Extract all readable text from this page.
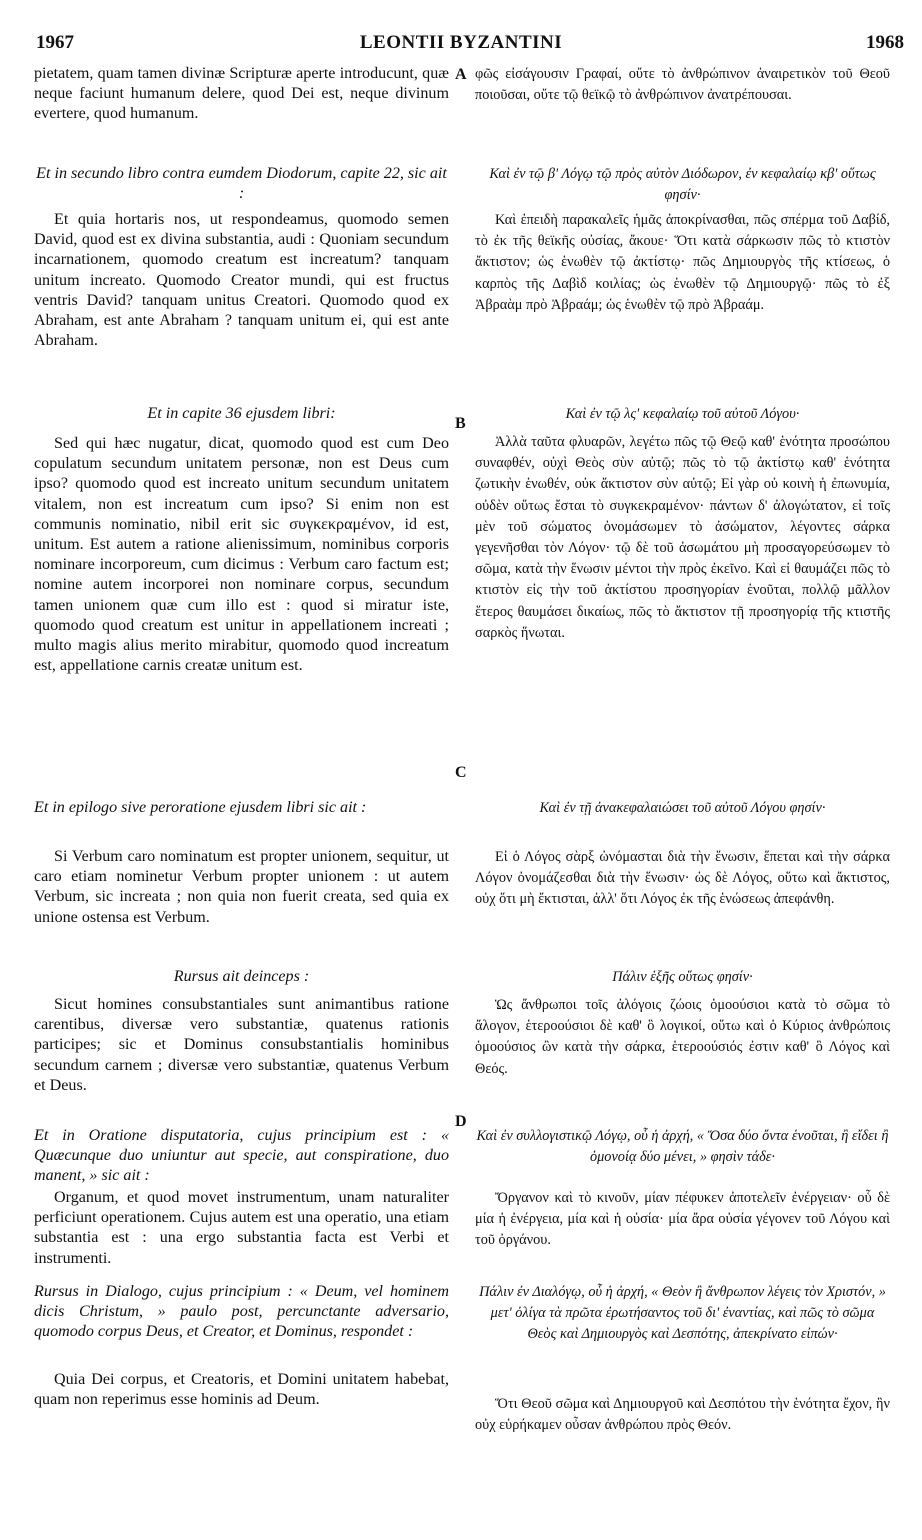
1967	LEONTII BYZANTINI	1968
A
B
C
D

pietatem, quam tamen divinæ Scripturæ aperte introducunt, quæ neque faciunt humanum delere, quod Dei est, neque divinum evertere, quod humanum.

Et in secundo libro contra eumdem Diodorum, capite 22, sic ait :

Et quia hortaris nos, ut respondeamus, quomodo semen David, quod est ex divina substantia, audi : Quoniam secundum incarnationem, quomodo creatum est increatum? tanquam unitum increato. Quomodo Creator mundi, qui est fructus ventris David? tanquam unitus Creatori. Quomodo quod ex Abraham, est ante Abraham ? tanquam unitum ei, qui est ante Abraham.

Et in capite 36 ejusdem libri:

Sed qui hæc nugatur, dicat, quomodo quod est cum Deo copulatum secundum unitatem personæ, non est Deus cum ipso? quomodo quod est increato unitum secundum unitatem vitalem, non est increatum cum ipso? Si enim non est communis nominatio, nibil erit sic συγκεκραμένον, id est, unitum. Est autem a ratione alienissimum, nominibus corporis nominare incorporeum, cum dicimus : Verbum caro factum est; nomine autem incorporei non nominare corpus, secundum tamen unionem quæ cum illo est : quod si miratur iste, quomodo quod creatum est unitur in appellationem increati ; multo magis alius merito mirabitur, quomodo quod increatum est, appellatione carnis creatæ unitum est.

Et in epilogo sive peroratione ejusdem libri sic ait :

Si Verbum caro nominatum est propter unionem, sequitur, ut caro etiam nominetur Verbum propter unionem : ut autem Verbum, sic increata ; non quia non fuerit creata, sed quia ex unione ostensa est Verbum.

Rursus ait deinceps :

Sicut homines consubstantiales sunt animantibus ratione carentibus, diversæ vero substantiæ, quatenus rationis participes; sic et Dominus consubstantialis hominibus secundum carnem ; diversæ vero substantiæ, quatenus Verbum et Deus.

Et in Oratione disputatoria, cujus principium est : « Quæcunque duo uniuntur aut specie, aut conspiratione, duo manent, » sic ait :

Organum, et quod movet instrumentum, unam naturaliter perficiunt operationem. Cujus autem est una operatio, una etiam substantia est : una ergo substantia facta est Verbi et instrumenti.

Rursus in Dialogo, cujus principium : « Deum, vel hominem dicis Christum, » paulo post, percunctante adversario, quomodo corpus Deus, et Creator, et Dominus, respondet :

Quia Dei corpus, et Creatoris, et Domini unitatem habebat, quam non reperimus esse hominis ad Deum.

φῶς εἰσάγουσιν Γραφαί, οὔτε τὸ ἀνθρώπινον ἀναιρετικὸν τοῦ Θεοῦ ποιοῦσαι, οὔτε τῷ θεϊκῷ τὸ ἀνθρώπινον ἀνατρέπουσαι.

Καὶ ἐν τῷ β' Λόγῳ τῷ πρὸς αὐτὸν Διόδωρον, ἐν κεφαλαίῳ κβ' οὕτως φησίν·

Καὶ ἐπειδὴ παρακαλεῖς ἡμᾶς ἀποκρίνασθαι, πῶς σπέρμα τοῦ Δαβίδ, τὸ ἐκ τῆς θεϊκῆς οὐσίας, ἄκουε· Ὅτι κατὰ σάρκωσιν πῶς τὸ κτιστὸν ἄκτιστον; ὡς ἑνωθὲν τῷ ἀκτίστῳ· πῶς Δημιουργὸς τῆς κτίσεως, ὁ καρπὸς τῆς Δαβὶδ κοιλίας; ὡς ἑνωθὲν τῷ Δημιουργῷ· πῶς τὸ ἐξ Ἀβραὰμ πρὸ Ἀβραάμ; ὡς ἑνωθὲν τῷ πρὸ Ἀβραάμ.

Καὶ ἐν τῷ λς' κεφαλαίῳ τοῦ αὐτοῦ Λόγου·

Ἀλλὰ ταῦτα φλυαρῶν, λεγέτω πῶς τῷ Θεῷ καθ' ἑνότητα προσώπου συναφθέν, οὐχὶ Θεὸς σὺν αὐτῷ; πῶς τὸ τῷ ἀκτίστῳ καθ' ἑνότητα ζωτικὴν ἑνωθέν, οὐκ ἄκτιστον σὺν αὐτῷ; Εἰ γὰρ οὐ κοινὴ ἡ ἐπωνυμία, οὐδὲν οὕτως ἔσται τὸ συγκεκραμένον· πάντων δ' ἀλογώτατον, εἰ τοῖς μὲν τοῦ σώματος ὀνομάσωμεν τὸ ἀσώματον, λέγοντες σάρκα γεγενῆσθαι τὸν Λόγον· τῷ δὲ τοῦ ἀσωμάτου μὴ προσαγορεύσωμεν τὸ σῶμα, κατὰ τὴν ἕνωσιν μέντοι τὴν πρὸς ἐκεῖνο. Καὶ εἰ θαυμάζει πῶς τὸ κτιστὸν εἰς τὴν τοῦ ἀκτίστου προσηγορίαν ἑνοῦται, πολλῷ μᾶλλον ἕτερος θαυμάσει δικαίως, πῶς τὸ ἄκτιστον τῇ προσηγορίᾳ τῆς κτιστῆς σαρκὸς ἥνωται.

Καὶ ἐν τῇ ἀνακεφαλαιώσει τοῦ αὐτοῦ Λόγου φησίν·

Εἰ ὁ Λόγος σὰρξ ὠνόμασται διὰ τὴν ἕνωσιν, ἕπεται καὶ τὴν σάρκα Λόγον ὀνομάζεσθαι διὰ τὴν ἕνωσιν· ὡς δὲ Λόγος, οὕτω καὶ ἄκτιστος, οὐχ ὅτι μὴ ἔκτισται, ἀλλ' ὅτι Λόγος ἐκ τῆς ἑνώσεως ἀπεφάνθη.

Πάλιν ἑξῆς οὕτως φησίν·

Ὡς ἄνθρωποι τοῖς ἀλόγοις ζώοις ὁμοούσιοι κατὰ τὸ σῶμα τὸ ἄλογον, ἑτεροούσιοι δὲ καθ' ὃ λογικοί, οὕτω καὶ ὁ Κύριος ἀνθρώποις ὁμοούσιος ὢν κατὰ τὴν σάρκα, ἑτεροούσιός ἐστιν καθ' ὃ Λόγος καὶ Θεός.

Καὶ ἐν συλλογιστικῷ Λόγῳ, οὗ ἡ ἀρχή, « Ὅσα δύο ὄντα ἑνοῦται, ἢ εἴδει ἢ ὁμονοίᾳ δύο μένει, » φησὶν τάδε·

Ὄργανον καὶ τὸ κινοῦν, μίαν πέφυκεν ἀποτελεῖν ἐνέργειαν· οὗ δὲ μία ἡ ἐνέργεια, μία καὶ ἡ οὐσία· μία ἄρα οὐσία γέγονεν τοῦ Λόγου καὶ τοῦ ὀργάνου.

Πάλιν ἐν Διαλόγῳ, οὗ ἡ ἀρχή, « Θεὸν ἢ ἄνθρωπον λέγεις τὸν Χριστόν, » μετ' ὀλίγα τὰ πρῶτα ἐρωτήσαντος τοῦ δι' ἐναντίας, καὶ πῶς τὸ σῶμα Θεὸς καὶ Δημιουργὸς καὶ Δεσπότης, ἀπεκρίνατο εἰπών·

Ὅτι Θεοῦ σῶμα καὶ Δημιουργοῦ καὶ Δεσπότου τὴν ἑνότητα ἔχον, ἣν οὐχ εὑρήκαμεν οὖσαν ἀνθρώπου πρὸς Θεόν.
